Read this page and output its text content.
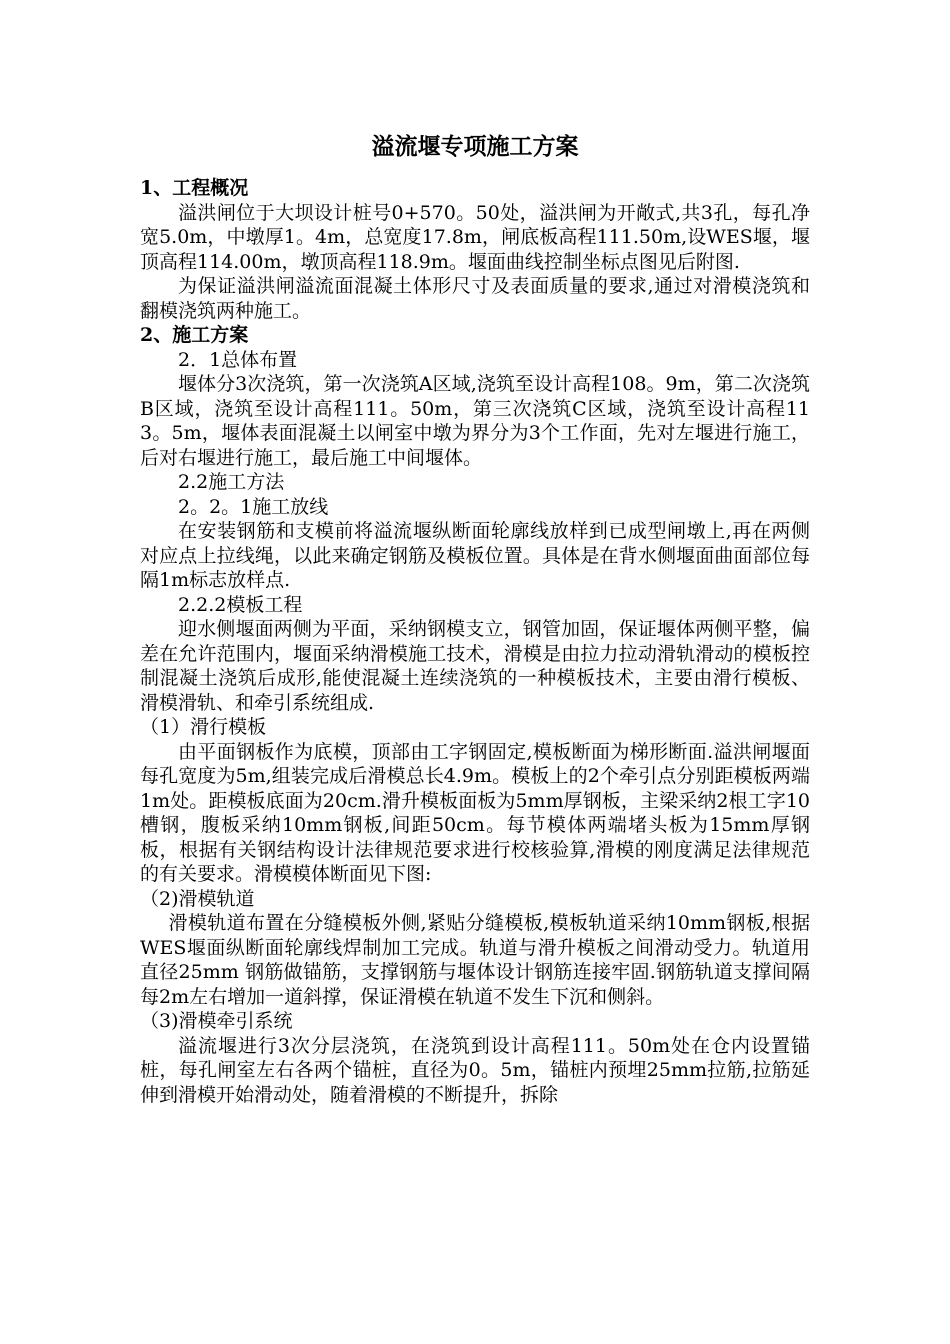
溢流堰专项施工方案

1、工程概况

溢洪闸位于大坝设计桩号0+570。50处，溢洪闸为开敞式,共3孔，每孔净宽5.0m，中墩厚1。4m，总宽度17.8m，闸底板高程111.50m,设WES堰，堰顶高程114.00m，墩顶高程118.9m。堰面曲线控制坐标点图见后附图.

为保证溢洪闸溢流面混凝土体形尺寸及表面质量的要求,通过对滑模浇筑和翻模浇筑两种施工。

2、施工方案

2．1总体布置

堰体分3次浇筑，第一次浇筑A区域,浇筑至设计高程108。9m，第二次浇筑B区域，浇筑至设计高程111。50m，第三次浇筑C区域，浇筑至设计高程113。5m，堰体表面混凝土以闸室中墩为界分为3个工作面，先对左堰进行施工，后对右堰进行施工，最后施工中间堰体。

2.2施工方法

2。2。1施工放线

在安装钢筋和支模前将溢流堰纵断面轮廓线放样到已成型闸墩上,再在两侧对应点上拉线绳，以此来确定钢筋及模板位置。具体是在背水侧堰面曲面部位每隔1m标志放样点.

2.2.2模板工程

迎水侧堰面两侧为平面，采纳钢模支立，钢管加固，保证堰体两侧平整，偏差在允许范围内，堰面采纳滑模施工技术，滑模是由拉力拉动滑轨滑动的模板控制混凝土浇筑后成形,能使混凝土连续浇筑的一种模板技术，主要由滑行模板、滑模滑轨、和牵引系统组成.

（1）滑行模板

由平面钢板作为底模，顶部由工字钢固定,模板断面为梯形断面.溢洪闸堰面每孔宽度为5m,组装完成后滑模总长4.9m。模板上的2个牵引点分别距模板两端1m处。距模板底面为20cm.滑升模板面板为5mm厚钢板，主梁采纳2根工字10槽钢，腹板采纳10mm钢板,间距50cm。每节模体两端堵头板为15mm厚钢板，根据有关钢结构设计法律规范要求进行校核验算,滑模的刚度满足法律规范的有关要求。滑模模体断面见下图:

（2)滑模轨道

滑模轨道布置在分缝模板外侧,紧贴分缝模板,模板轨道采纳10mm钢板,根据WES堰面纵断面轮廓线焊制加工完成。轨道与滑升模板之间滑动受力。轨道用直径25mm 钢筋做锚筋，支撑钢筋与堰体设计钢筋连接牢固.钢筋轨道支撑间隔每2m左右增加一道斜撑，保证滑模在轨道不发生下沉和侧斜。

（3)滑模牵引系统

溢流堰进行3次分层浇筑，在浇筑到设计高程111。50m处在仓内设置锚桩，每孔闸室左右各两个锚桩，直径为0。5m，锚桩内预埋25mm拉筋,拉筋延伸到滑模开始滑动处，随着滑模的不断提升，拆除
